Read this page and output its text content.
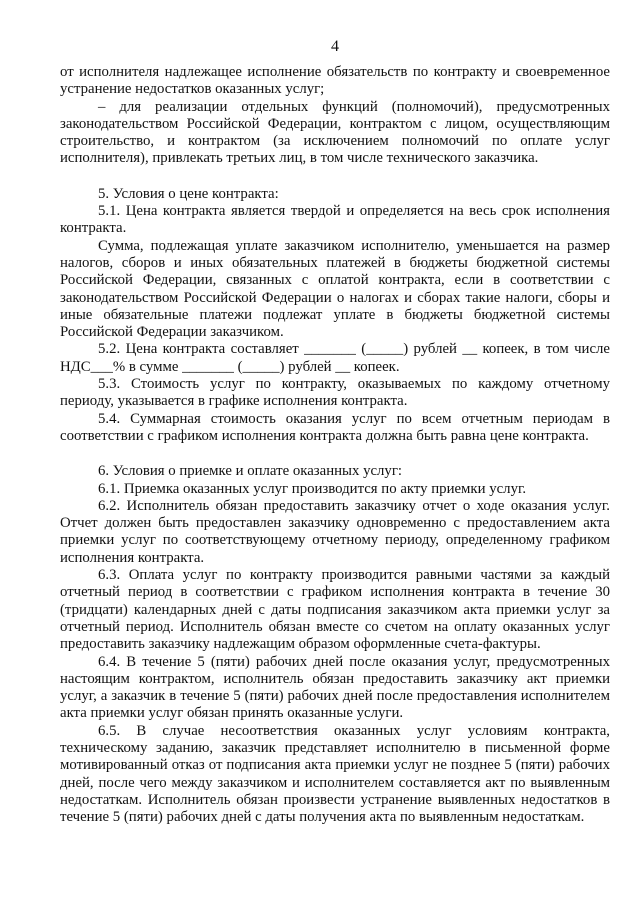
4

от исполнителя надлежащее исполнение обязательств по контракту и своевременное устранение недостатков оказанных услуг;

– для реализации отдельных функций (полномочий), предусмотренных законодательством Российской Федерации, контрактом с лицом, осуществляющим строительство, и контрактом (за исключением полномочий по оплате услуг исполнителя), привлекать третьих лиц, в том числе технического заказчика.

5. Условия о цене контракта:

5.1. Цена контракта является твердой и определяется на весь срок исполнения контракта.

Сумма, подлежащая уплате заказчиком исполнителю, уменьшается на размер налогов, сборов и иных обязательных платежей в бюджеты бюджетной системы Российской Федерации, связанных с оплатой контракта, если в соответствии с законодательством Российской Федерации о налогах и сборах такие налоги, сборы и иные обязательные платежи подлежат уплате в бюджеты бюджетной системы Российской Федерации заказчиком.

5.2. Цена контракта составляет _______ (_____) рублей __ копеек, в том числе НДС___% в сумме _______ (_____) рублей __ копеек.

5.3. Стоимость услуг по контракту, оказываемых по каждому отчетному периоду, указывается в графике исполнения контракта.

5.4. Суммарная стоимость оказания услуг по всем отчетным периодам в соответствии с графиком исполнения контракта должна быть равна цене контракта.

6. Условия о приемке и оплате оказанных услуг:

6.1. Приемка оказанных услуг производится по акту приемки услуг.

6.2. Исполнитель обязан предоставить заказчику отчет о ходе оказания услуг. Отчет должен быть предоставлен заказчику одновременно с предоставлением акта приемки услуг по соответствующему отчетному периоду, определенному графиком исполнения контракта.

6.3. Оплата услуг по контракту производится равными частями за каждый отчетный период в соответствии с графиком исполнения контракта в течение 30 (тридцати) календарных дней с даты подписания заказчиком акта приемки услуг за отчетный период. Исполнитель обязан вместе со счетом на оплату оказанных услуг предоставить заказчику надлежащим образом оформленные счета-фактуры.

6.4. В течение 5 (пяти) рабочих дней после оказания услуг, предусмотренных настоящим контрактом, исполнитель обязан предоставить заказчику акт приемки услуг, а заказчик в течение 5 (пяти) рабочих дней после предоставления исполнителем акта приемки услуг обязан принять оказанные услуги.

6.5. В случае несоответствия оказанных услуг условиям контракта, техническому заданию, заказчик представляет исполнителю в письменной форме мотивированный отказ от подписания акта приемки услуг не позднее 5 (пяти) рабочих дней, после чего между заказчиком и исполнителем составляется акт по выявленным недостаткам. Исполнитель обязан произвести устранение выявленных недостатков в течение 5 (пяти) рабочих дней с даты получения акта по выявленным недостаткам.
